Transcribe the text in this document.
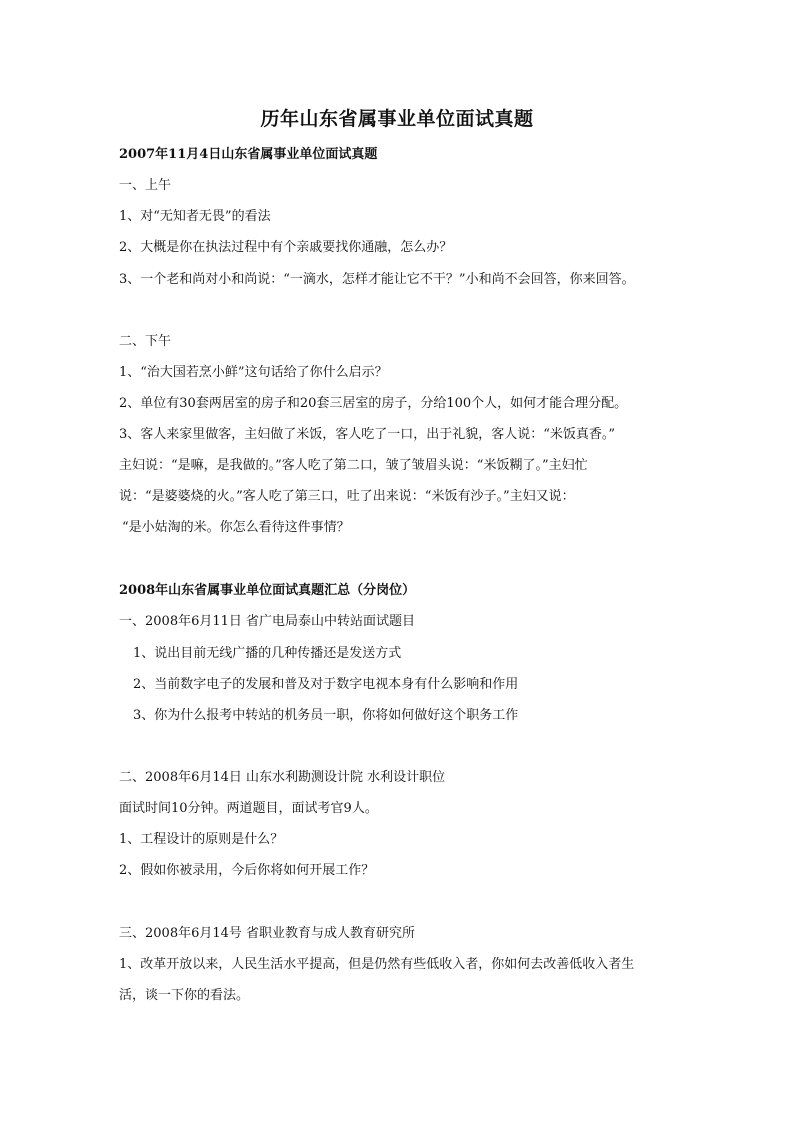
历年山东省属事业单位面试真题
2007年11月4日山东省属事业单位面试真题
一、上午
1、对“无知者无畏”的看法
2、大概是你在执法过程中有个亲戚要找你通融，怎么办？
3、一个老和尚对小和尚说：“一滴水，怎样才能让它不干？”小和尚不会回答，你来回答。
二、下午
1、“治大国若烹小鲜”这句话给了你什么启示？
2、单位有30套两居室的房子和20套三居室的房子，分给100个人，如何才能合理分配。
3、客人来家里做客，主妇做了米饭，客人吃了一口，出于礼貌，客人说：“米饭真香。”
主妇说：“是嘛，是我做的。”客人吃了第二口，皱了皱眉头说：“米饭糊了。”主妇忙
说：“是婆婆烧的火。”客人吃了第三口，吐了出来说：“米饭有沙子。”主妇又说：
“是小姑淘的米。你怎么看待这件事情？
2008年山东省属事业单位面试真题汇总（分岗位）
一、2008年6月11日 省广电局泰山中转站面试题目
1、说出目前无线广播的几种传播还是发送方式
2、当前数字电子的发展和普及对于数字电视本身有什么影响和作用
3、你为什么报考中转站的机务员一职，你将如何做好这个职务工作
二、2008年6月14日 山东水利勘测设计院 水利设计职位
面试时间10分钟。两道题目，面试考官9人。
1、工程设计的原则是什么？
2、假如你被录用，今后你将如何开展工作？
三、2008年6月14号 省职业教育与成人教育研究所
1、改革开放以来，人民生活水平提高，但是仍然有些低收入者，你如何去改善低收入者生
活，谈一下你的看法。
